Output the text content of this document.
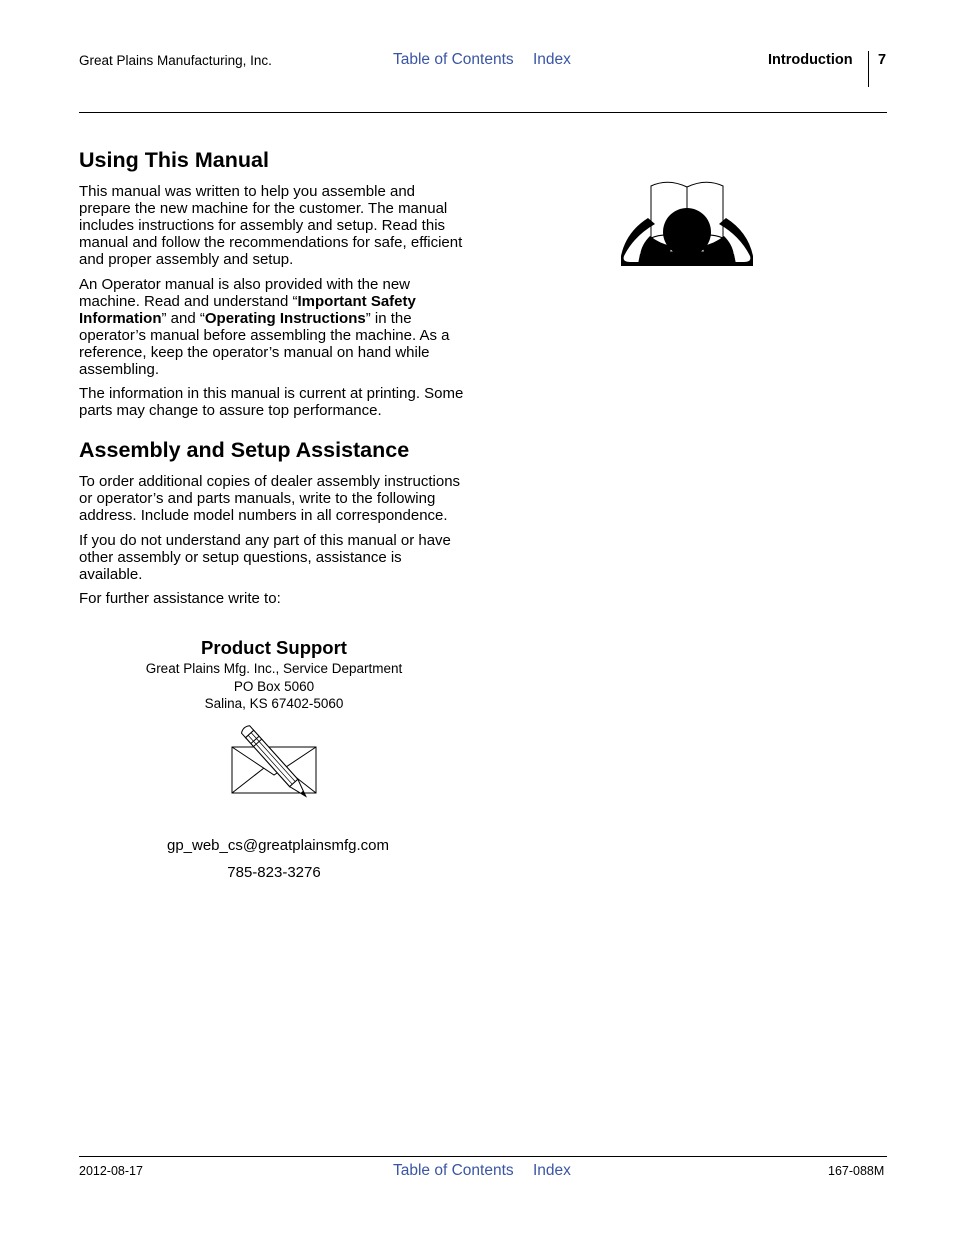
Great Plains Manufacturing, Inc.	Table of Contents Index	Introduction 7
Using This Manual

This manual was written to help you assemble and prepare the new machine for the customer. The manual includes instructions for assembly and setup. Read this manual and follow the recommendations for safe, efficient and proper assembly and setup.

An Operator manual is also provided with the new machine. Read and understand “Important Safety Information” and “Operating Instructions” in the operator’s manual before assembling the machine. As a reference, keep the operator’s manual on hand while assembling.

The information in this manual is current at printing. Some parts may change to assure top performance.

Assembly and Setup Assistance

To order additional copies of dealer assembly instructions or operator’s and parts manuals, write to the following address. Include model numbers in all correspondence.

If you do not understand any part of this manual or have other assembly or setup questions, assistance is available.

For further assistance write to:

Product Support
Great Plains Mfg. Inc., Service Department
PO Box 5060
Salina, KS 67402-5060
gp_web_cs@greatplainsmfg.com
785-823-3276
2012-08-17	Table of Contents Index	167-088M
